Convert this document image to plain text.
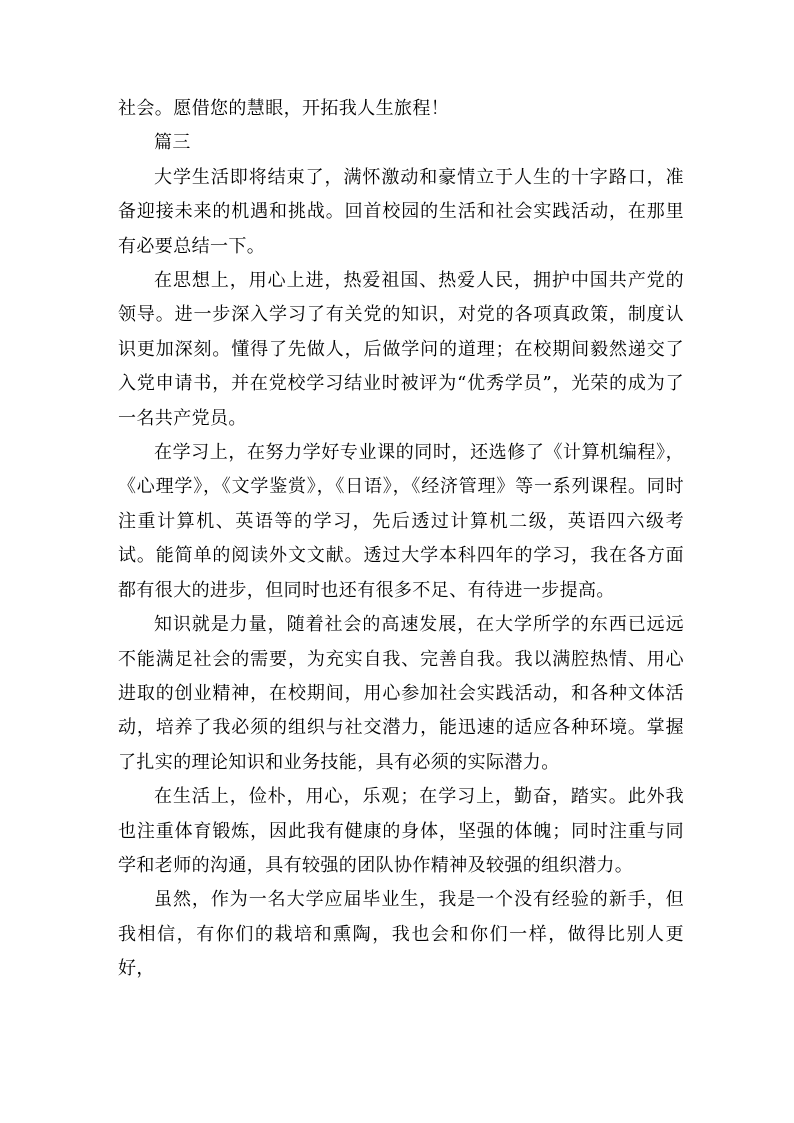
社会。愿借您的慧眼，开拓我人生旅程！

篇三

大学生活即将结束了，满怀激动和豪情立于人生的十字路口，准备迎接未来的机遇和挑战。回首校园的生活和社会实践活动，在那里有必要总结一下。

在思想上，用心上进，热爱祖国、热爱人民，拥护中国共产党的领导。进一步深入学习了有关党的知识，对党的各项真政策，制度认识更加深刻。懂得了先做人，后做学问的道理；在校期间毅然递交了入党申请书，并在党校学习结业时被评为“优秀学员”，光荣的成为了一名共产党员。

在学习上，在努力学好专业课的同时，还选修了《计算机编程》，《心理学》，《文学鉴赏》，《日语》，《经济管理》等一系列课程。同时注重计算机、英语等的学习，先后透过计算机二级，英语四六级考试。能简单的阅读外文文献。透过大学本科四年的学习，我在各方面都有很大的进步，但同时也还有很多不足、有待进一步提高。

知识就是力量，随着社会的高速发展，在大学所学的东西已远远不能满足社会的需要，为充实自我、完善自我。我以满腔热情、用心进取的创业精神，在校期间，用心参加社会实践活动，和各种文体活动，培养了我必须的组织与社交潜力，能迅速的适应各种环境。掌握了扎实的理论知识和业务技能，具有必须的实际潜力。

在生活上，俭朴，用心，乐观；在学习上，勤奋，踏实。此外我也注重体育锻炼，因此我有健康的身体，坚强的体魄；同时注重与同学和老师的沟通，具有较强的团队协作精神及较强的组织潜力。

虽然，作为一名大学应届毕业生，我是一个没有经验的新手，但我相信，有你们的栽培和熏陶，我也会和你们一样，做得比别人更好，
